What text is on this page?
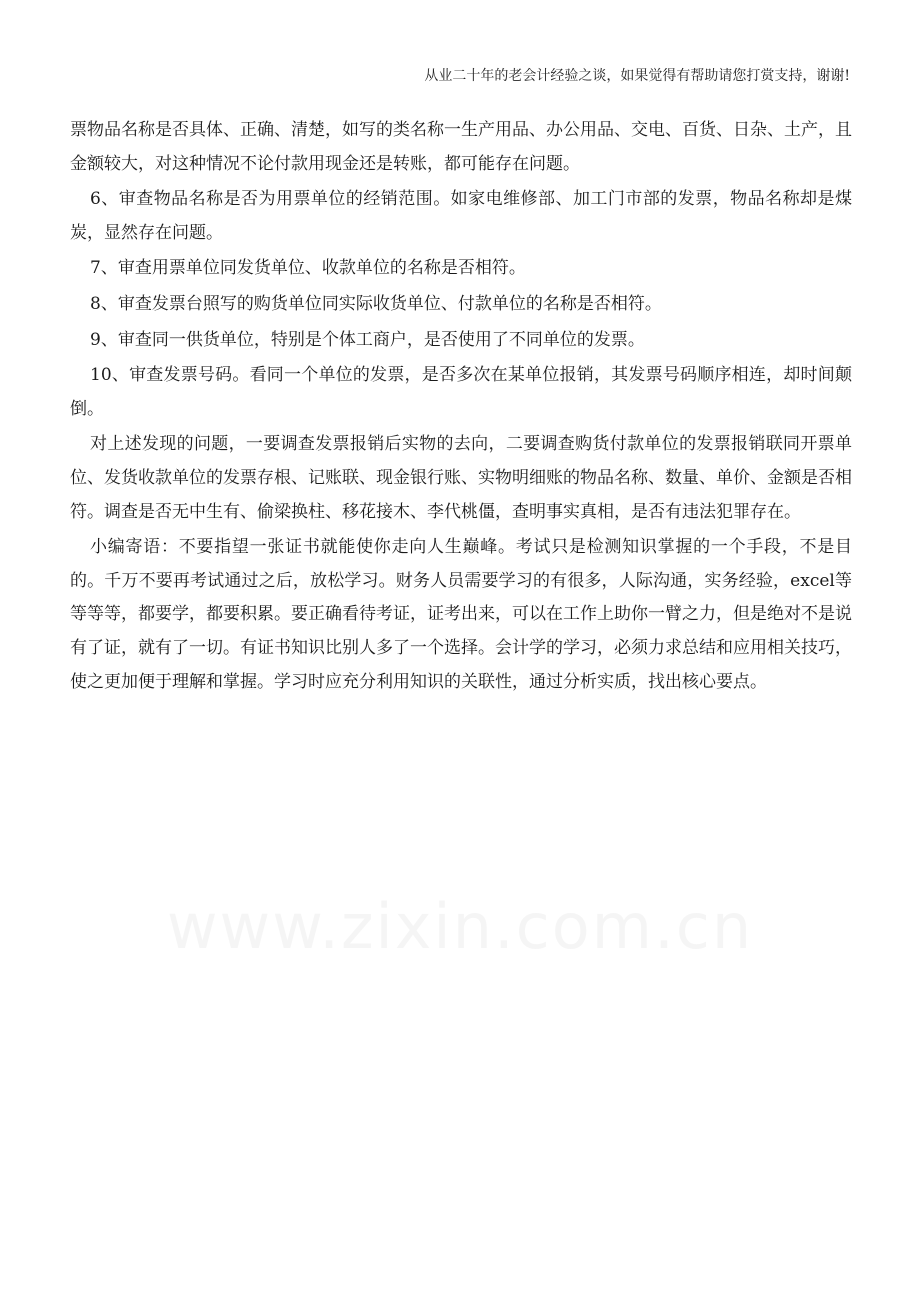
从业二十年的老会计经验之谈，如果觉得有帮助请您打赏支持，谢谢!

票物品名称是否具体、正确、清楚，如写的类名称一生产用品、办公用品、交电、百货、日杂、土产，且金额较大，对这种情况不论付款用现金还是转账，都可能存在问题。

6、审查物品名称是否为用票单位的经销范围。如家电维修部、加工门市部的发票，物品名称却是煤炭，显然存在问题。

7、审查用票单位同发货单位、收款单位的名称是否相符。

8、审查发票台照写的购货单位同实际收货单位、付款单位的名称是否相符。

9、审查同一供货单位，特别是个体工商户，是否使用了不同单位的发票。

10、审查发票号码。看同一个单位的发票，是否多次在某单位报销，其发票号码顺序相连，却时间颠倒。

对上述发现的问题，一要调查发票报销后实物的去向，二要调查购货付款单位的发票报销联同开票单位、发货收款单位的发票存根、记账联、现金银行账、实物明细账的物品名称、数量、单价、金额是否相符。调查是否无中生有、偷梁换柱、移花接木、李代桃僵，查明事实真相，是否有违法犯罪存在。

小编寄语：不要指望一张证书就能使你走向人生巅峰。考试只是检测知识掌握的一个手段，不是目的。千万不要再考试通过之后，放松学习。财务人员需要学习的有很多，人际沟通，实务经验，excel等等等等，都要学，都要积累。要正确看待考证，证考出来，可以在工作上助你一臂之力，但是绝对不是说有了证，就有了一切。有证书知识比别人多了一个选择。会计学的学习，必须力求总结和应用相关技巧，使之更加便于理解和掌握。学习时应充分利用知识的关联性，通过分析实质，找出核心要点。

www.zixin.com.cn
